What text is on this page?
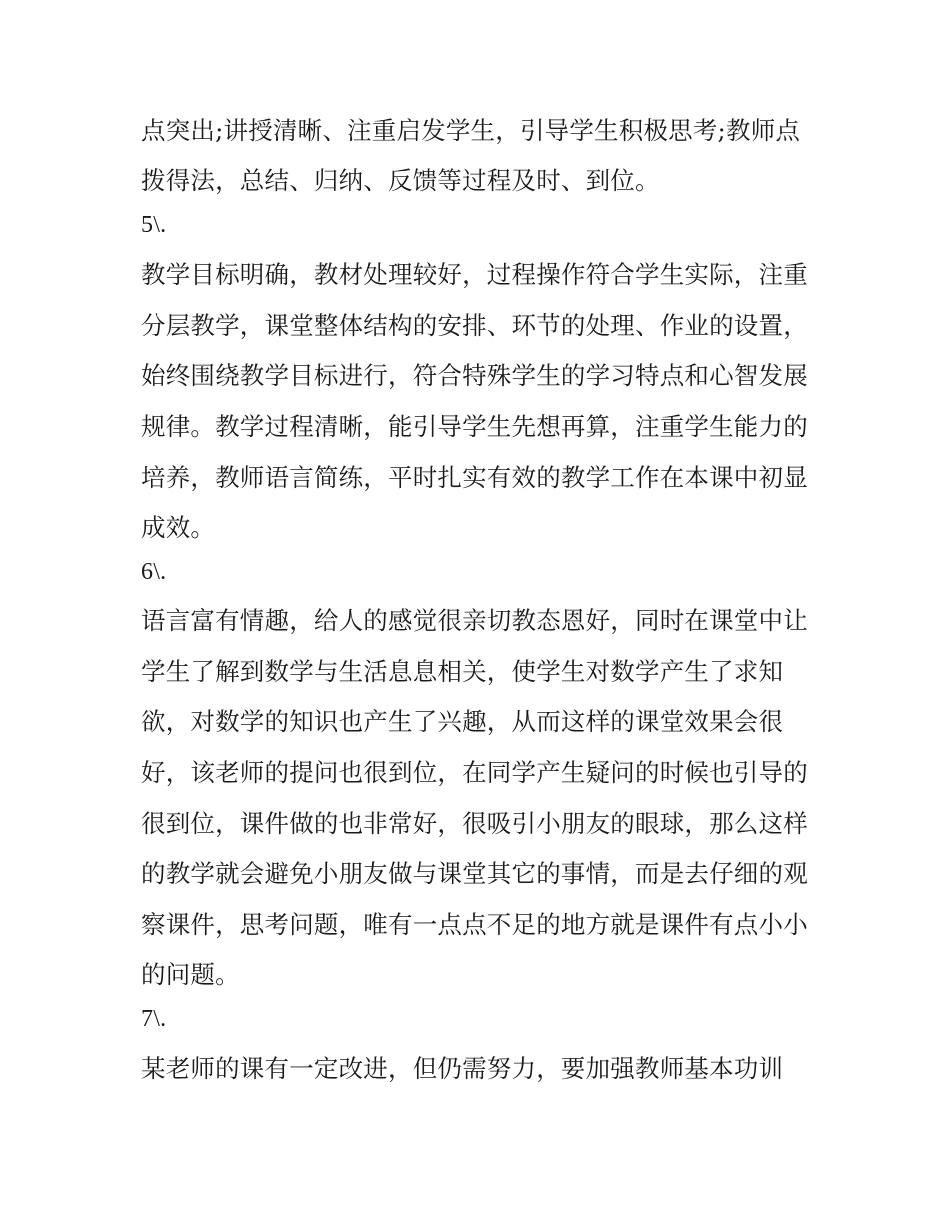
点突出;讲授清晰、注重启发学生，引导学生积极思考;教师点
拨得法，总结、归纳、反馈等过程及时、到位。
5\.
教学目标明确，教材处理较好，过程操作符合学生实际，注重
分层教学，课堂整体结构的安排、环节的处理、作业的设置，
始终围绕教学目标进行，符合特殊学生的学习特点和心智发展
规律。教学过程清晰，能引导学生先想再算，注重学生能力的
培养，教师语言简练，平时扎实有效的教学工作在本课中初显
成效。
6\.
语言富有情趣，给人的感觉很亲切教态恩好，同时在课堂中让
学生了解到数学与生活息息相关，使学生对数学产生了求知
欲，对数学的知识也产生了兴趣，从而这样的课堂效果会很
好，该老师的提问也很到位，在同学产生疑问的时候也引导的
很到位，课件做的也非常好，很吸引小朋友的眼球，那么这样
的教学就会避免小朋友做与课堂其它的事情，而是去仔细的观
察课件，思考问题，唯有一点点不足的地方就是课件有点小小
的问题。
7\.
某老师的课有一定改进，但仍需努力，要加强教师基本功训
